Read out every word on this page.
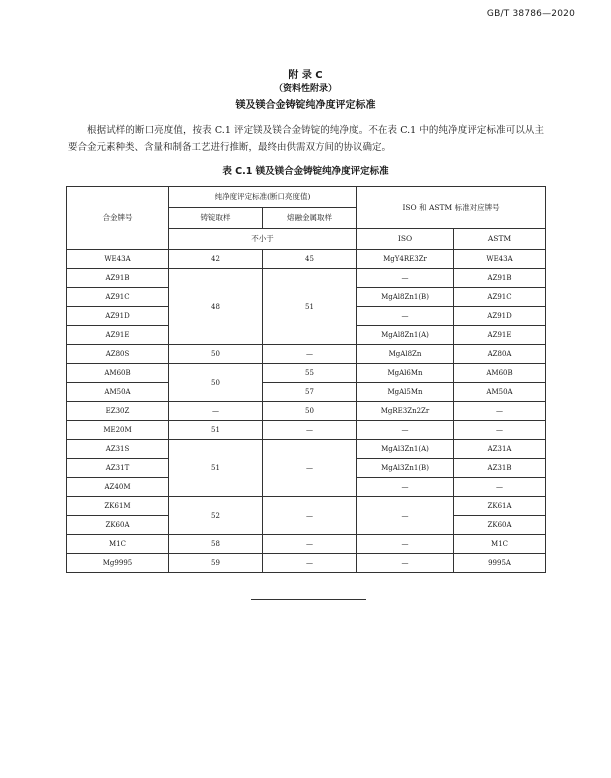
GB/T 38786—2020
附 录 C
（资料性附录）
镁及镁合金铸锭纯净度评定标准
根据试样的断口亮度值，按表 C.1 评定镁及镁合金铸锭的纯净度。不在表 C.1 中的纯净度评定标准可以从主要合金元素种类、含量和制备工艺进行推断，最终由供需双方间的协议确定。
表 C.1 镁及镁合金铸锭纯净度评定标准
合金牌号	纯净度评定标准(断口亮度值)		ISO 和 ASTM 标准对应牌号	
	铸锭取样	熔融金属取样		
	不小于		ISO	ASTM
WE43A	42	45	MgY4RE3Zr	WE43A
AZ91B	48	51	—	AZ91B
AZ91C			MgAl8Zn1(B)	AZ91C
AZ91D			—	AZ91D
AZ91E			MgAl8Zn1(A)	AZ91E
AZ80S	50	—	MgAl8Zn	AZ80A
AM60B	50	55	MgAl6Mn	AM60B
AM50A		57	MgAl5Mn	AM50A
EZ30Z	—	50	MgRE3Zn2Zr	—
ME20M	51	—	—	—
AZ31S	51	—	MgAl3Zn1(A)	AZ31A
AZ31T			MgAl3Zn1(B)	AZ31B
AZ40M			—	—
ZK61M	52	—	—	ZK61A
ZK60A				ZK60A
M1C	58	—	—	M1C
Mg9995	59	—	—	9995A
